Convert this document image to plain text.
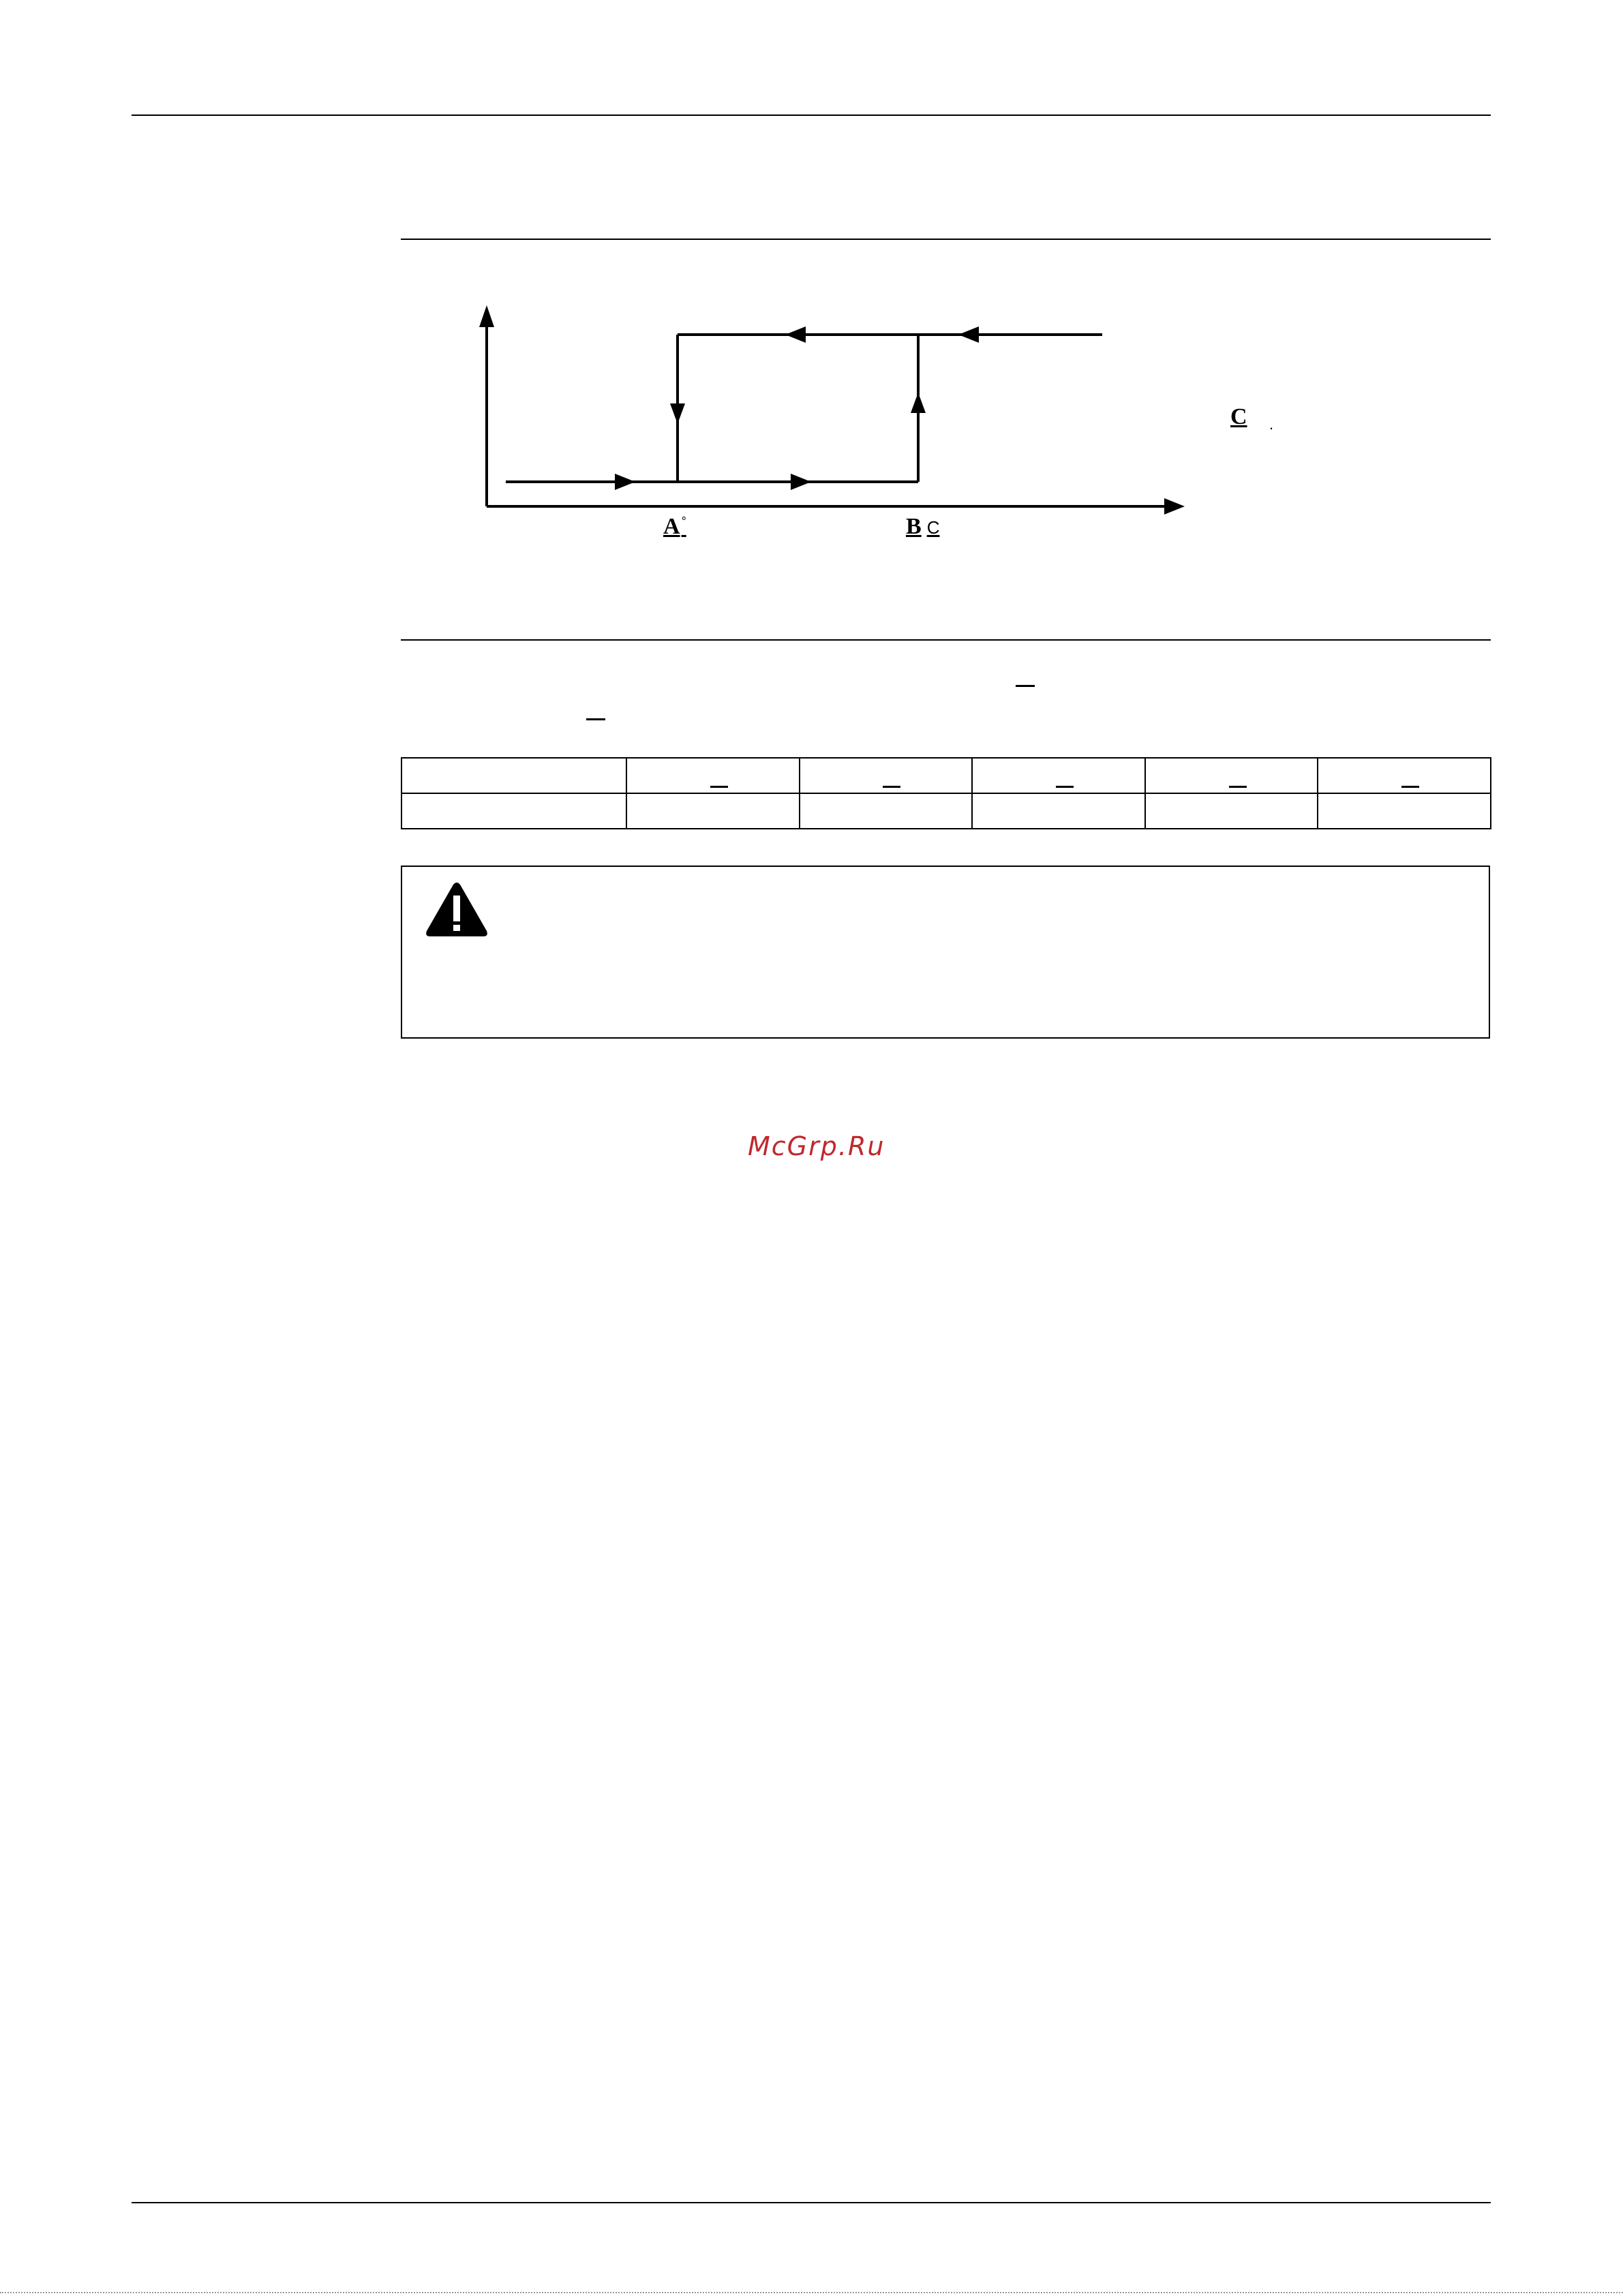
A °	B C
C .

McGrp.Ru
